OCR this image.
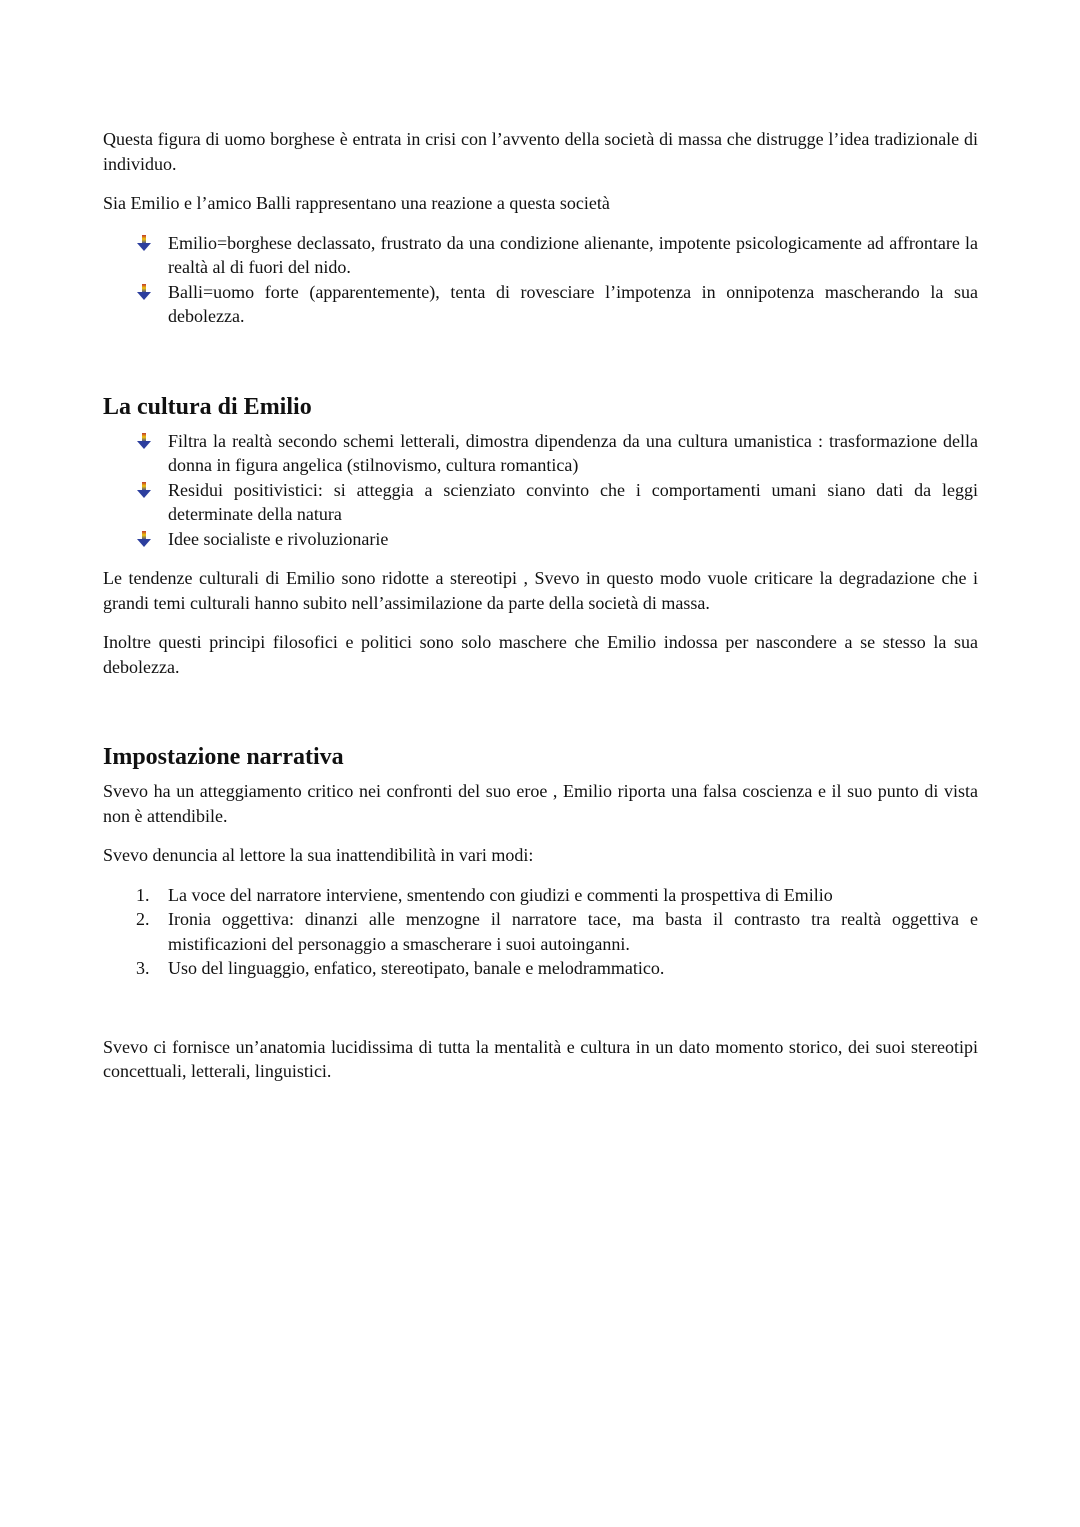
Questa figura di uomo borghese è entrata in crisi con l’avvento della società di massa che distrugge l’idea tradizionale di individuo.

Sia Emilio e l’amico Balli rappresentano una reazione a questa società

Emilio=borghese declassato, frustrato da una condizione alienante, impotente psicologicamente ad affrontare la realtà al di fuori del nido.
Balli=uomo forte (apparentemente), tenta di rovesciare l’impotenza in onnipotenza mascherando la sua debolezza.
La cultura di Emilio
Filtra la realtà secondo schemi letterali, dimostra dipendenza da una cultura umanistica : trasformazione della donna in figura angelica (stilnovismo, cultura romantica)
Residui positivistici: si atteggia a scienziato convinto che i comportamenti umani siano dati da leggi determinate della natura
Idee socialiste e rivoluzionarie

Le tendenze culturali di Emilio sono ridotte a stereotipi , Svevo in questo modo vuole criticare la degradazione che i grandi temi culturali hanno subito nell’assimilazione da parte della società di massa.

Inoltre questi principi filosofici e politici sono solo maschere che Emilio indossa per nascondere a se stesso la sua debolezza.

Impostazione narrativa

Svevo ha un atteggiamento critico nei confronti del suo eroe , Emilio riporta una falsa coscienza e il suo punto di vista non è attendibile.

Svevo denuncia al lettore la sua inattendibilità in vari modi:

1.	La voce del narratore interviene, smentendo con giudizi e commenti la prospettiva di Emilio
2.	Ironia oggettiva: dinanzi alle menzogne il narratore tace, ma basta il contrasto tra realtà oggettiva e mistificazioni del personaggio a smascherare i suoi autoinganni.
3.	Uso del linguaggio, enfatico, stereotipato, banale e melodrammatico.

Svevo ci fornisce un’anatomia lucidissima di tutta la mentalità e cultura in un dato momento storico, dei suoi stereotipi concettuali, letterali, linguistici.
